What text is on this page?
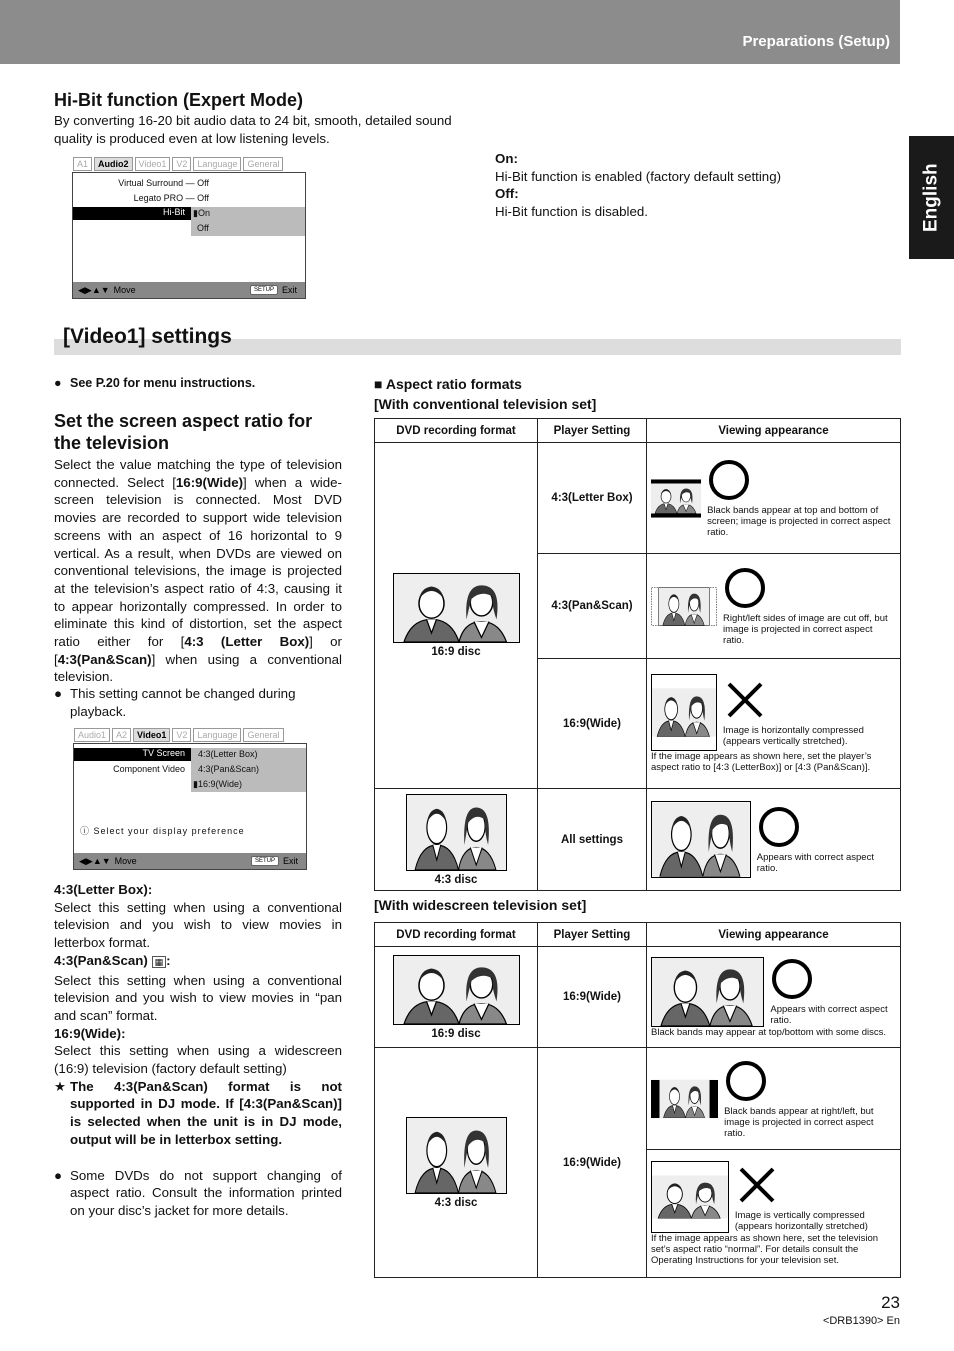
Preparations (Setup)
English
Hi-Bit function (Expert Mode)

By converting 16-20 bit audio data to 24 bit, smooth, detailed sound quality is produced even at low listening levels.

A1	Audio2	Video1	V2	Language	General
Virtual Surround — Off
Legato PRO — Off
Hi-Bit ▮On
Off
◀▶▲▼ Move	SETUP Exit
On:
Hi-Bit function is enabled (factory default setting)
Off:
Hi-Bit function is disabled.
[Video1] settings
● See P.20 for menu instructions.
Set the screen aspect ratio for the television

Select the value matching the type of television connected. Select [16:9(Wide)] when a wide-screen television is connected. Most DVD movies are recorded to support wide television screens with an aspect of 16 horizontal to 9 vertical. As a result, when DVDs are viewed on conventional televisions, the image is projected at the television’s aspect ratio of 4:3, causing it to appear horizontally compressed. In order to eliminate this kind of distortion, set the aspect ratio either for [4:3 (Letter Box)] or [4:3(Pan&Scan)] when using a conventional television.

● This setting cannot be changed during playback.
Audio1	A2	Video1	V2	Language	General
TV Screen
Component Video
4:3(Letter Box)
4:3(Pan&Scan)
▮16:9(Wide)
ⓘ Select your display preference
◀▶▲▼ Move	SETUP Exit
4:3(Letter Box):
Select this setting when using a conventional television and you wish to view movies in letterbox format.
4:3(Pan&Scan) ▦ :
Select this setting when using a conventional television and you wish to view movies in “pan and scan” format.
16:9(Wide):
Select this setting when using a widescreen (16:9) television (factory default setting)
★ The 4:3(Pan&Scan) format is not supported in DJ mode. If [4:3(Pan&Scan)] is selected when the unit is in DJ mode, output will be in letterbox setting.
● Some DVDs do not support changing of aspect ratio. Consult the information printed on your disc’s jacket for more details.
■ Aspect ratio formats
[With conventional television set]
DVD recording format	Player Setting	Viewing appearance

16:9 disc	4:3(Letter Box)	Black bands appear at top and bottom of screen; image is projected in correct aspect ratio.

	4:3(Pan&Scan)	Right/left sides of image are cut off, but image is projected in correct aspect ratio.

	16:9(Wide)	Image is horizontally compressed (appears vertically stretched).
If the image appears as shown here, set the player’s aspect ratio to [4:3 (LetterBox)] or [4:3 (Pan&Scan)].

4:3 disc	All settings	Appears with correct aspect ratio.
[With widescreen television set]
DVD recording format	Player Setting	Viewing appearance

16:9 disc	16:9(Wide)	Appears with correct aspect ratio.
Black bands may appear at top/bottom with some discs.

4:3 disc	16:9(Wide)	Black bands appear at right/left, but image is projected in correct aspect ratio.

		Image is vertically compressed (appears horizontally stretched)
If the image appears as shown here, set the television set’s aspect ratio “normal”. For details consult the Operating Instructions for your television set.
23
<DRB1390> En
